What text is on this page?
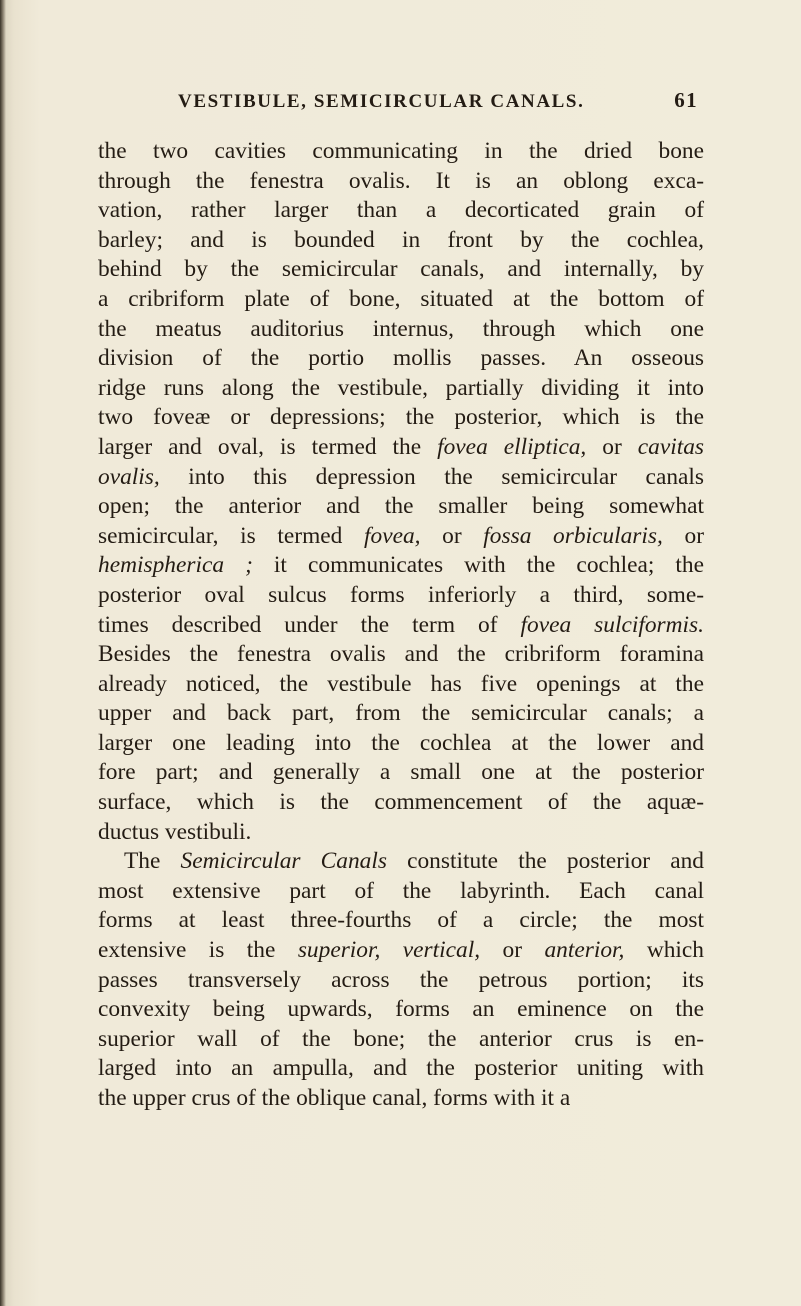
VESTIBULE, SEMICIRCULAR CANALS.	61
the two cavities communicating in the dried bone
through the fenestra ovalis. It is an oblong exca-
vation, rather larger than a decorticated grain of
barley; and is bounded in front by the cochlea,
behind by the semicircular canals, and internally, by
a cribriform plate of bone, situated at the bottom of
the meatus auditorius internus, through which one
division of the portio mollis passes. An osseous
ridge runs along the vestibule, partially dividing it into
two foveæ or depressions; the posterior, which is the
larger and oval, is termed the fovea elliptica, or cavitas
ovalis, into this depression the semicircular canals
open; the anterior and the smaller being somewhat
semicircular, is termed fovea, or fossa orbicularis, or
hemispherica ; it communicates with the cochlea; the
posterior oval sulcus forms inferiorly a third, some-
times described under the term of fovea sulciformis.
Besides the fenestra ovalis and the cribriform foramina
already noticed, the vestibule has five openings at the
upper and back part, from the semicircular canals; a
larger one leading into the cochlea at the lower and
fore part; and generally a small one at the posterior
surface, which is the commencement of the aquæ-
ductus vestibuli.
The Semicircular Canals constitute the posterior and
most extensive part of the labyrinth. Each canal
forms at least three-fourths of a circle; the most
extensive is the superior, vertical, or anterior, which
passes transversely across the petrous portion; its
convexity being upwards, forms an eminence on the
superior wall of the bone; the anterior crus is en-
larged into an ampulla, and the posterior uniting with
the upper crus of the oblique canal, forms with it a
